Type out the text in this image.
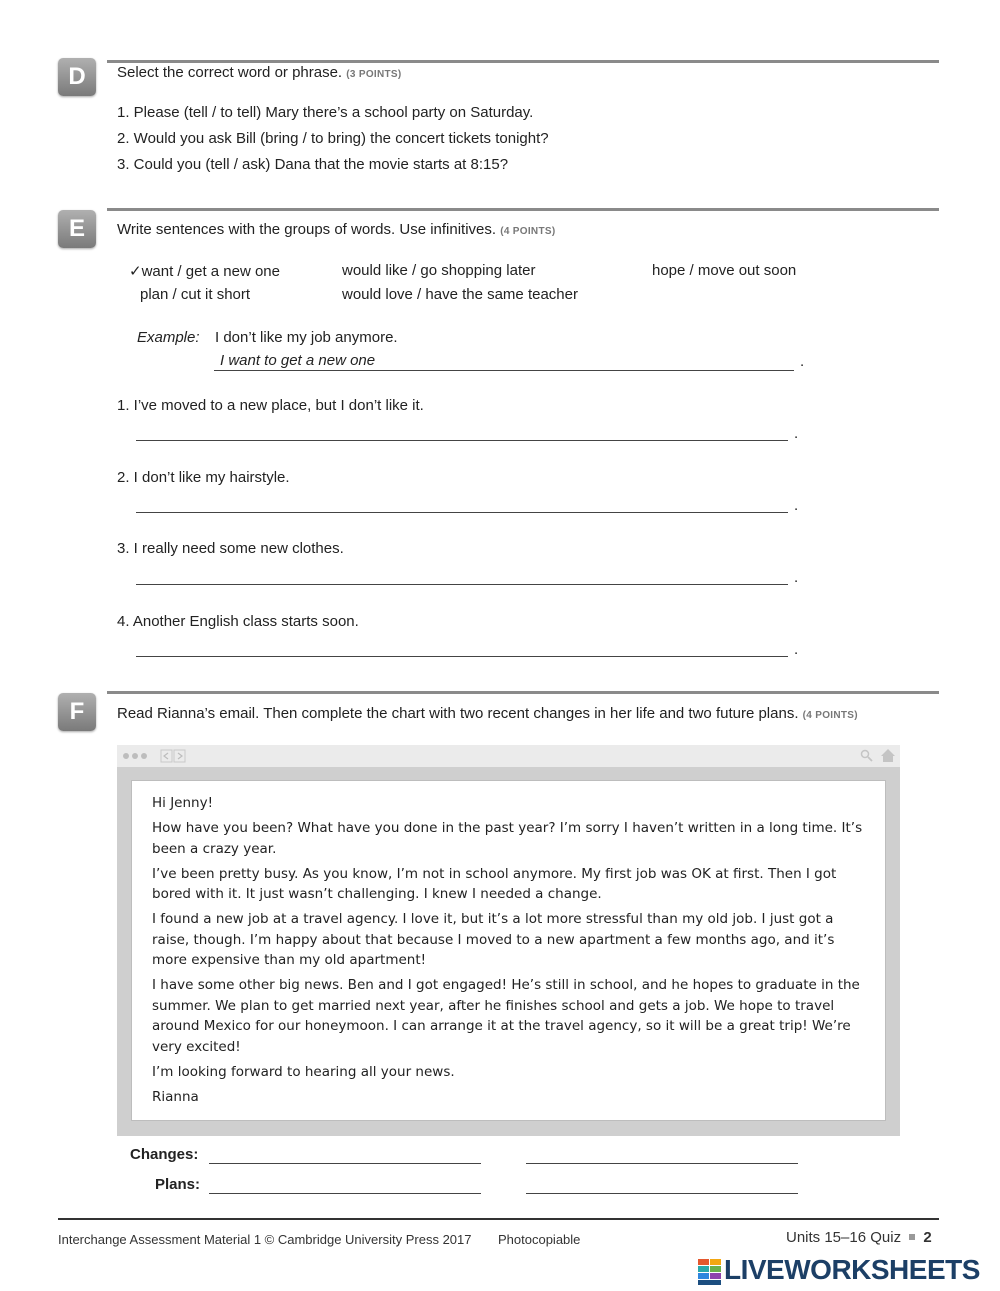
D	Select the correct word or phrase. (3 POINTS)
1. Please (tell / to tell) Mary there’s a school party on Saturday.
2. Would you ask Bill (bring / to bring) the concert tickets tonight?
3. Could you (tell / ask) Dana that the movie starts at 8:15?
E	Write sentences with the groups of words. Use infinitives. (4 POINTS)
✓want / get a new one	would like / go shopping later	hope / move out soon
plan / cut it short	would love / have the same teacher
Example: I don’t like my job anymore.
I want to get a new one	.
1. I’ve moved to a new place, but I don’t like it.
.
2. I don’t like my hairstyle.
.
3. I really need some new clothes.
.
4. Another English class starts soon.
.
F	Read Rianna’s email. Then complete the chart with two recent changes in her life and two future plans. (4 POINTS)

Hi Jenny!

How have you been? What have you done in the past year? I’m sorry I haven’t written in a long time. It’s been a crazy year.

I’ve been pretty busy. As you know, I’m not in school anymore. My first job was OK at first. Then I got bored with it. It just wasn’t challenging. I knew I needed a change.

I found a new job at a travel agency. I love it, but it’s a lot more stressful than my old job. I just got a raise, though. I’m happy about that because I moved to a new apartment a few months ago, and it’s more expensive than my old apartment!

I have some other big news. Ben and I got engaged! He’s still in school, and he hopes to graduate in the summer. We plan to get married next year, after he finishes school and gets a job. We hope to travel around Mexico for our honeymoon. I can arrange it at the travel agency, so it will be a great trip! We’re very excited!

I’m looking forward to hearing all your news.

Rianna

Changes:
Plans:
Interchange Assessment Material 1 © Cambridge University Press 2017 Photocopiable	Units 15–16 Quiz 2
LIVEWORKSHEETS
